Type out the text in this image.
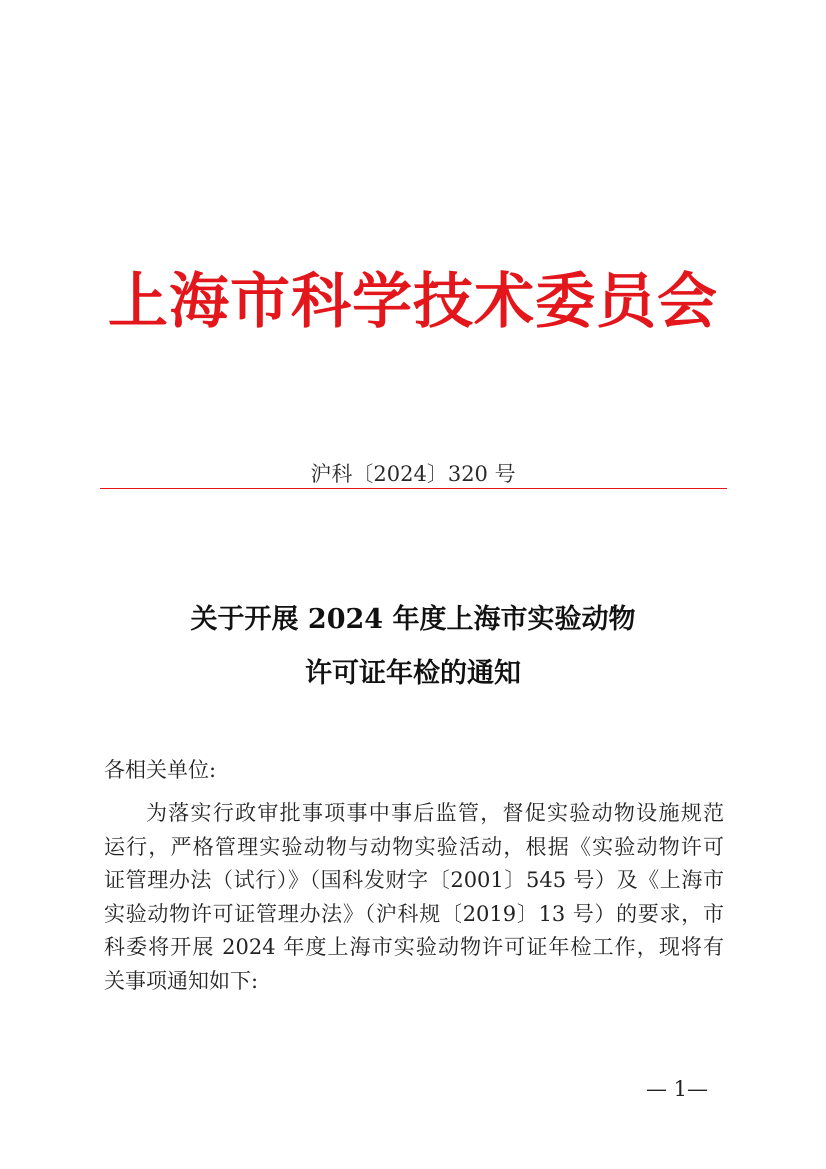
上海市科学技术委员会
沪科〔2024〕320 号
关于开展 2024 年度上海市实验动物
许可证年检的通知
各相关单位:
为落实行政审批事项事中事后监管，督促实验动物设施规范
运行，严格管理实验动物与动物实验活动，根据《实验动物许可
证管理办法（试行）》（国科发财字〔2001〕545 号）及《上海市
实验动物许可证管理办法》（沪科规〔2019〕13 号）的要求，市
科委将开展 2024 年度上海市实验动物许可证年检工作，现将有
关事项通知如下:
— 1—
